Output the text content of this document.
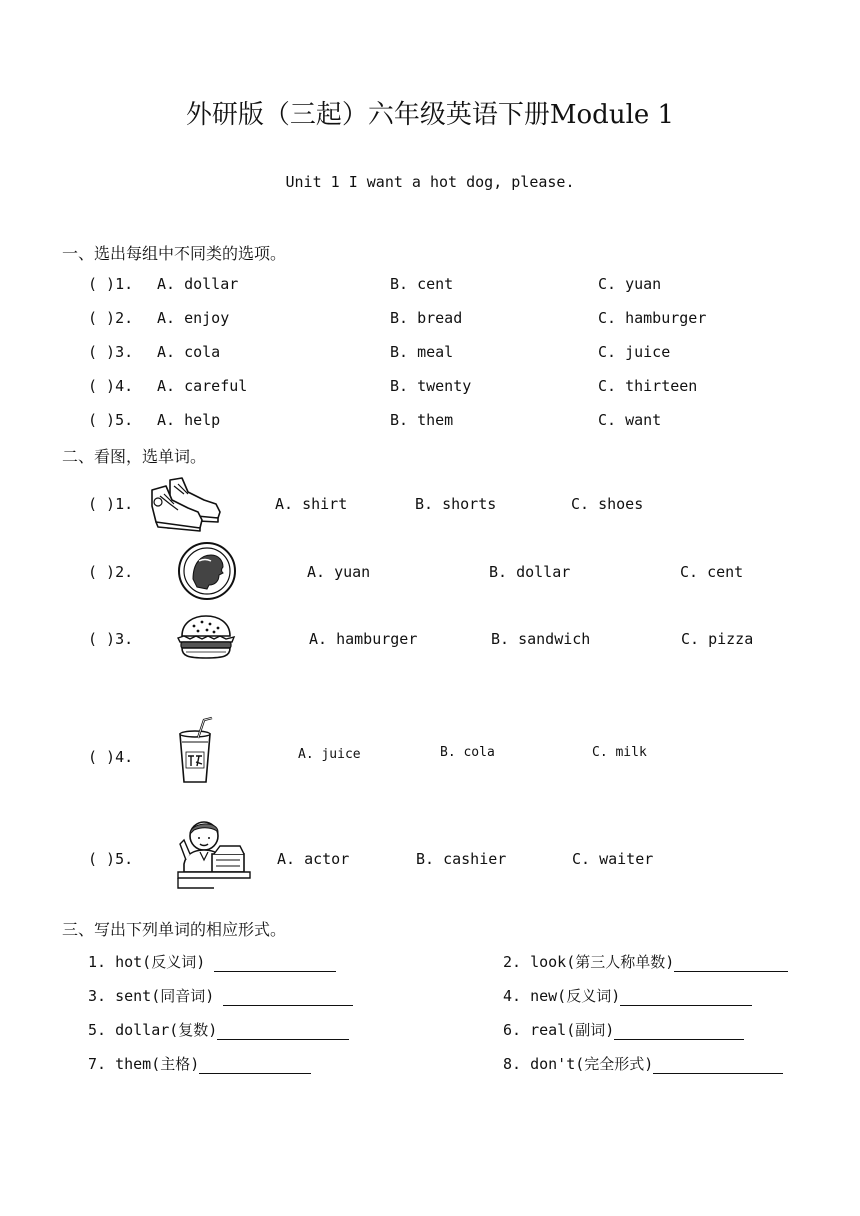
外研版（三起）六年级英语下册Module 1
Unit 1 I want a hot dog, please.
一、选出每组中不同类的选项。
( )1. A. dollar	B. cent	C. yuan
( )2. A. enjoy	B. bread	C. hamburger
( )3. A. cola	B. meal	C. juice
( )4. A. careful	B. twenty	C. thirteen
( )5. A. help	B. them	C. want
二、看图，选单词。
( )1.	A. shirt	B. shorts	C. shoes
( )2.	A. yuan	B. dollar	C. cent
( )3.	A. hamburger	B. sandwich	C. pizza
( )4.	A. juice	B. cola	C. milk
( )5.	A. actor	B. cashier	C. waiter
三、写出下列单词的相应形式。
1. hot(反义词)	2. look(第三人称单数)
3. sent(同音词)	4. new(反义词)
5. dollar(复数)	6. real(副词)
7. them(主格)	8. don't(完全形式)
